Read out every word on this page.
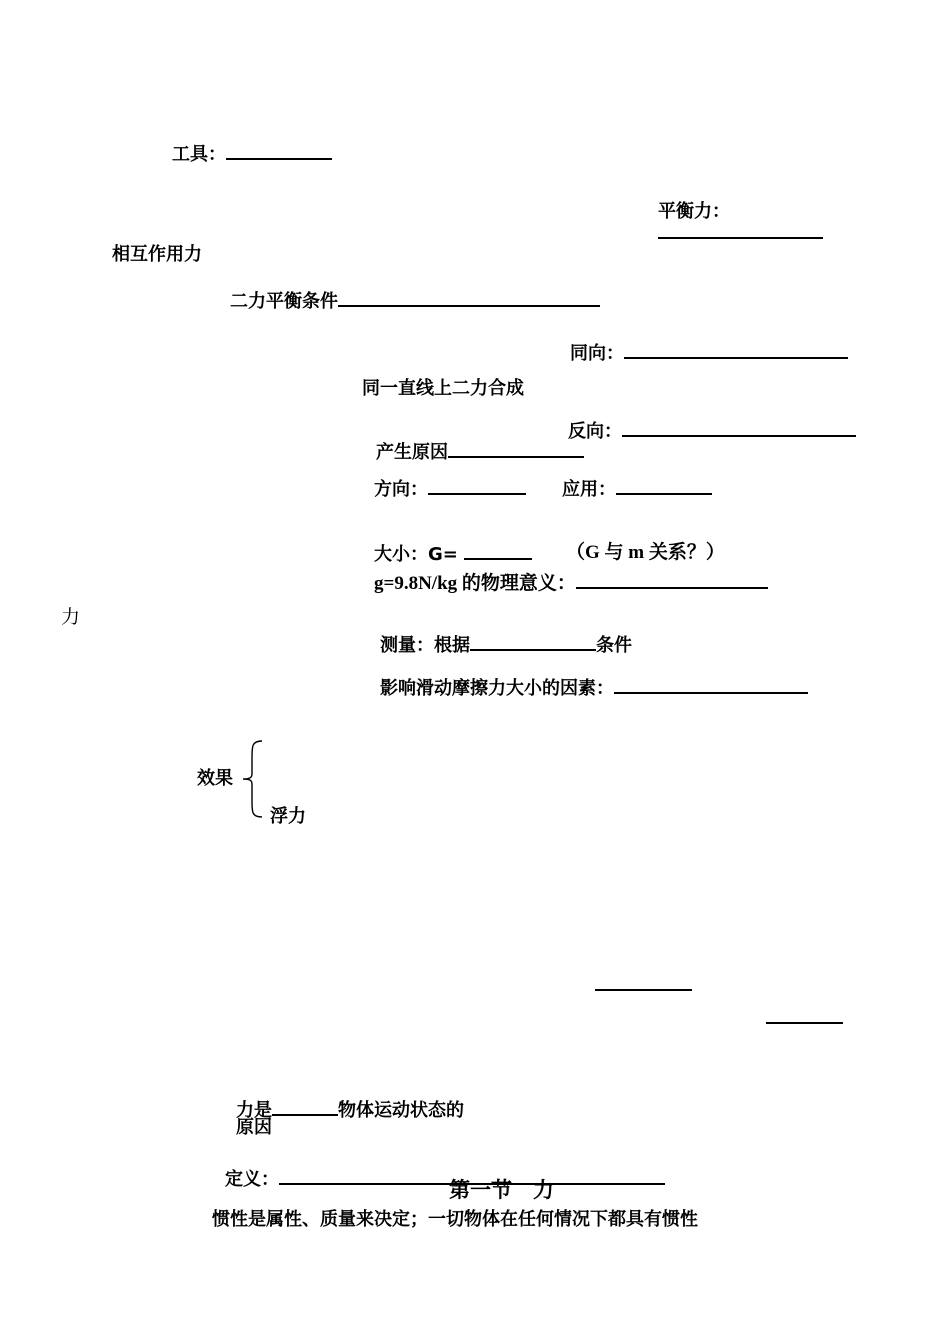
工具：
平衡力：
相互作用力
二力平衡条件
同向：
同一直线上二力合成
反向：
产生原因
方向：	应用：
大小：G=	（G 与 m 关系？）
g=9.8N/kg 的物理意义：
力
测量：根据	条件
影响滑动摩擦力大小的因素：
效果
浮力
力是	物体运动状态的
原因
定义：	第一节　力
惯性是属性、质量来决定；一切物体在任何情况下都具有惯性
